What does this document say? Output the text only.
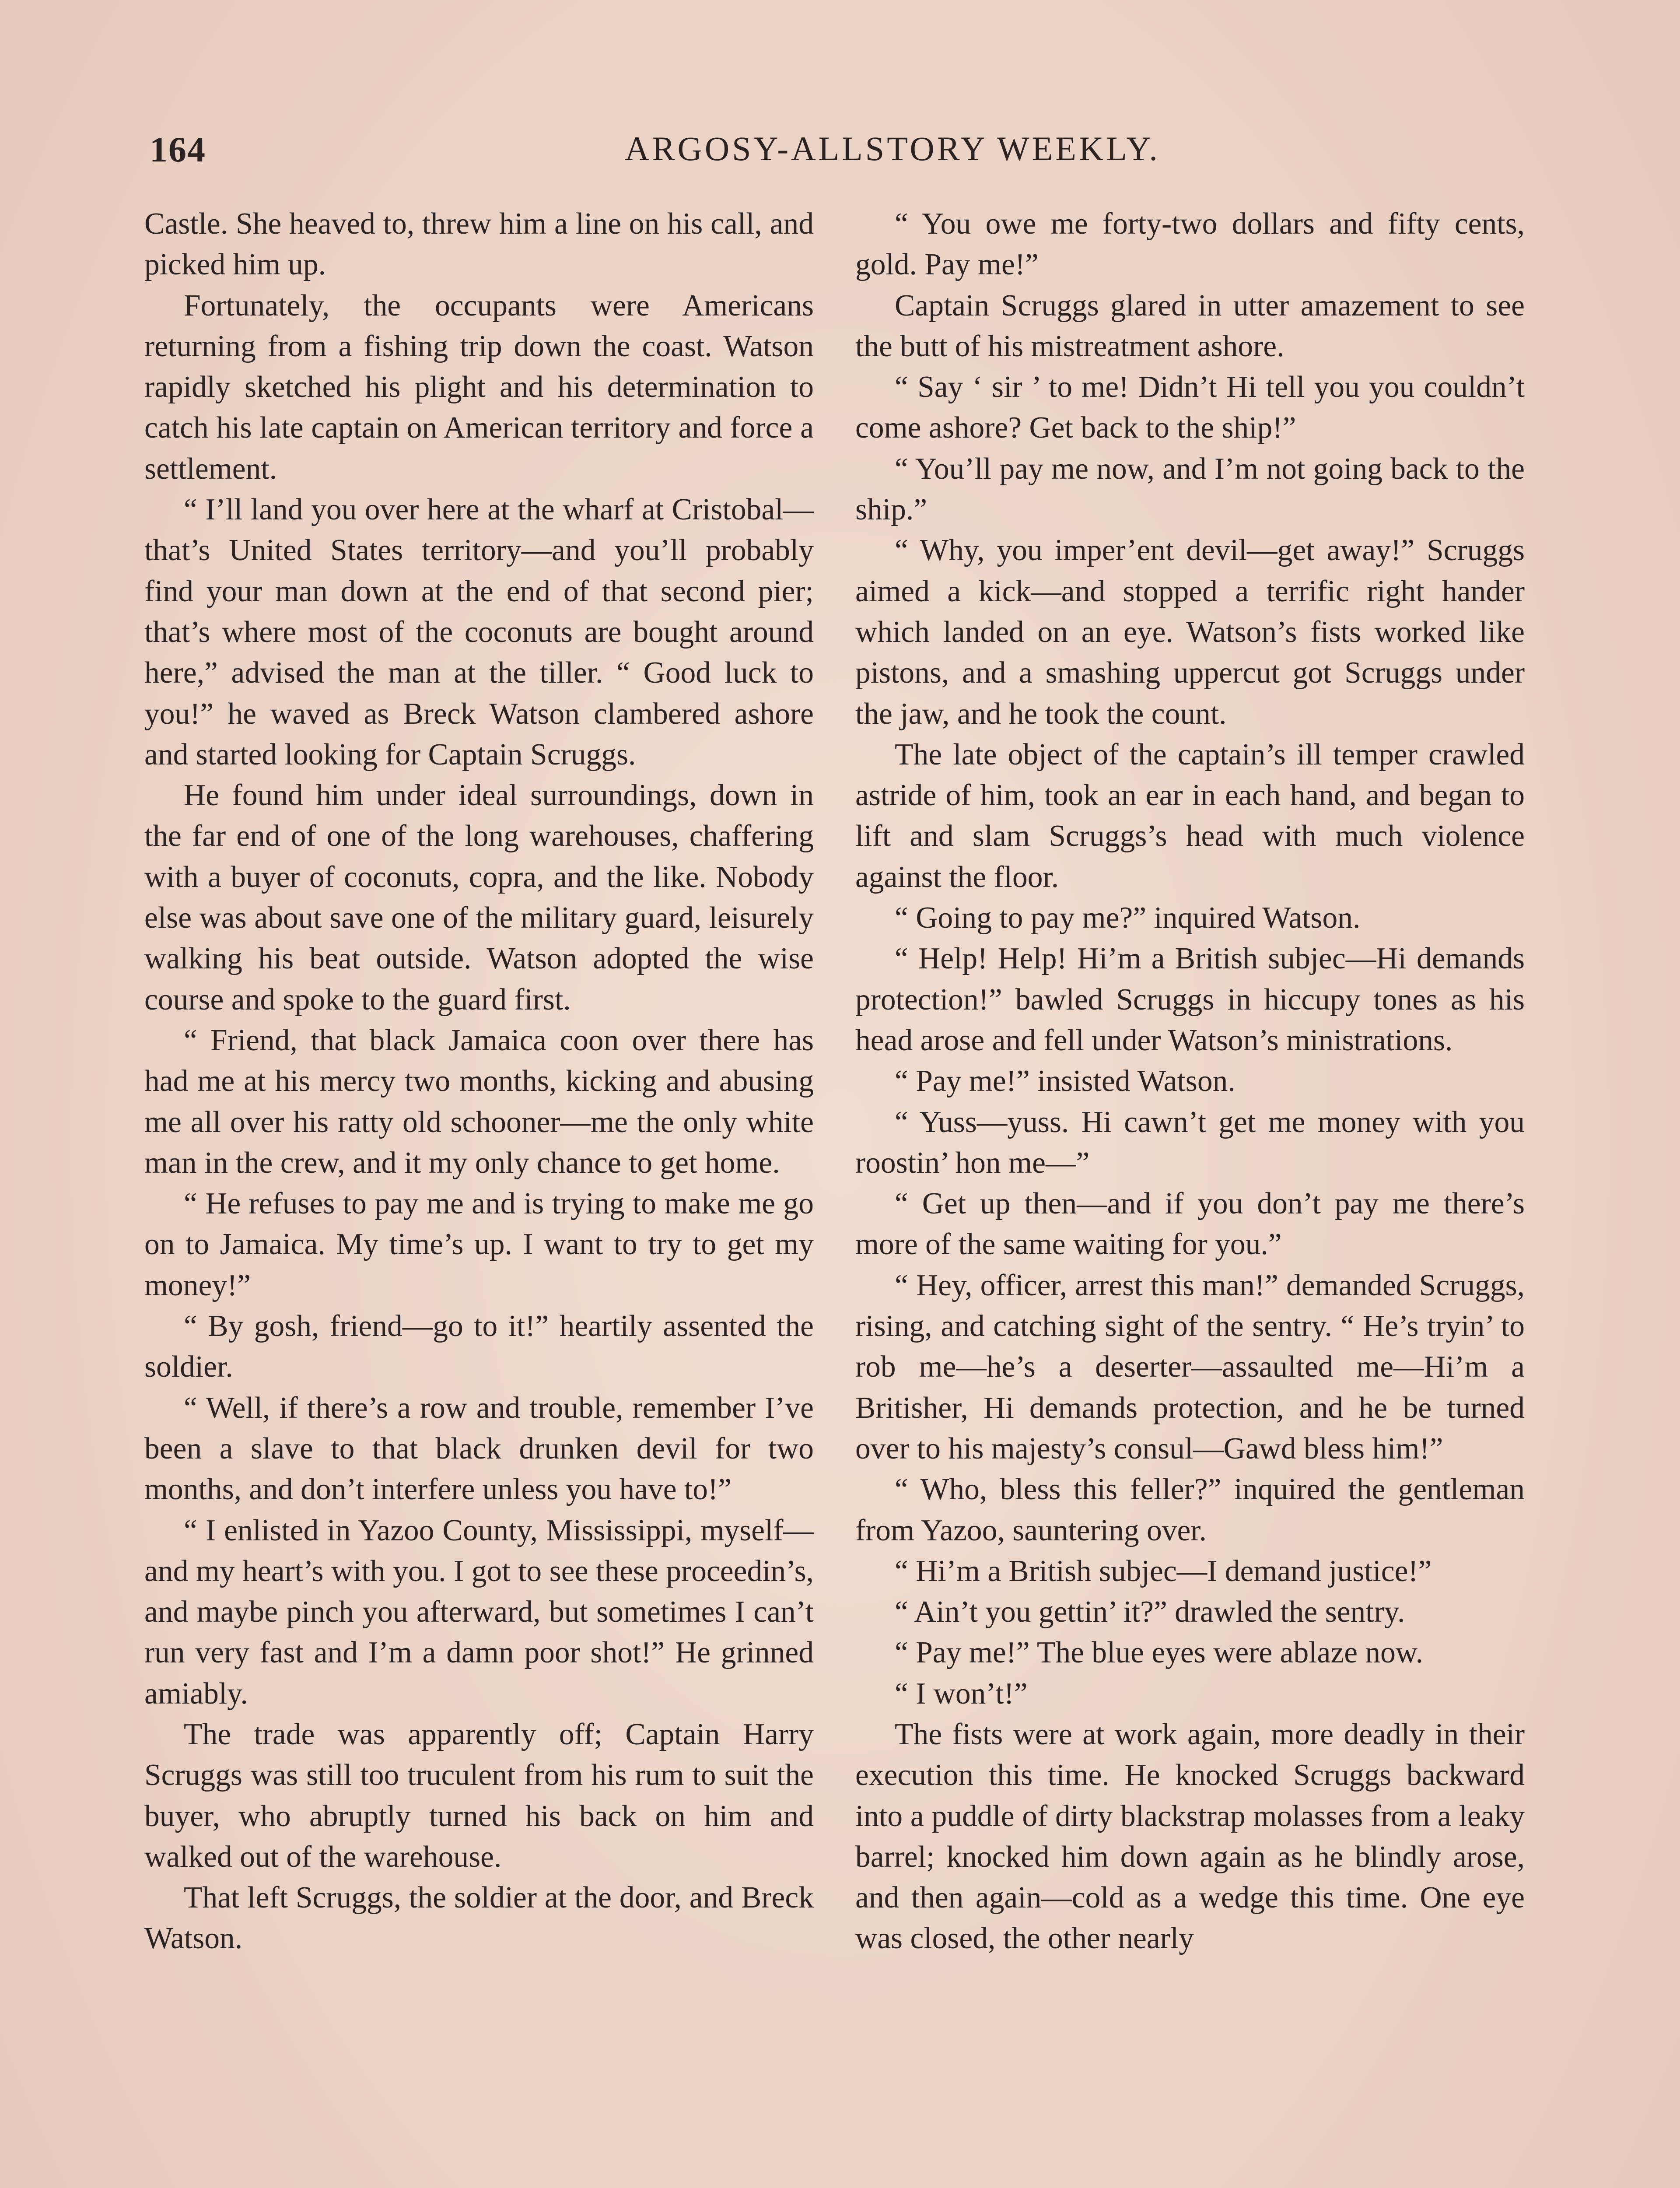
164	ARGOSY-ALLSTORY WEEKLY.

Castle. She heaved to, threw him a line on his call, and picked him up.

Fortunately, the occupants were Americans returning from a fishing trip down the coast. Watson rapidly sketched his plight and his determination to catch his late captain on American territory and force a settlement.

“ I’ll land you over here at the wharf at Cristobal—that’s United States territory—and you’ll probably find your man down at the end of that second pier; that’s where most of the coconuts are bought around here,” advised the man at the tiller. “ Good luck to you!” he waved as Breck Watson clambered ashore and started looking for Captain Scruggs.

He found him under ideal surroundings, down in the far end of one of the long warehouses, chaffering with a buyer of coconuts, copra, and the like. Nobody else was about save one of the military guard, leisurely walking his beat outside. Watson adopted the wise course and spoke to the guard first.

“ Friend, that black Jamaica coon over there has had me at his mercy two months, kicking and abusing me all over his ratty old schooner—me the only white man in the crew, and it my only chance to get home.

“ He refuses to pay me and is trying to make me go on to Jamaica. My time’s up. I want to try to get my money!”

“ By gosh, friend—go to it!” heartily assented the soldier.

“ Well, if there’s a row and trouble, remember I’ve been a slave to that black drunken devil for two months, and don’t interfere unless you have to!”

“ I enlisted in Yazoo County, Mississippi, myself—and my heart’s with you. I got to see these proceedin’s, and maybe pinch you afterward, but sometimes I can’t run very fast and I’m a damn poor shot!” He grinned amiably.

The trade was apparently off; Captain Harry Scruggs was still too truculent from his rum to suit the buyer, who abruptly turned his back on him and walked out of the warehouse.

That left Scruggs, the soldier at the door, and Breck Watson.

“ You owe me forty-two dollars and fifty cents, gold. Pay me!”

Captain Scruggs glared in utter amazement to see the butt of his mistreatment ashore.

“ Say ‘ sir ’ to me! Didn’t Hi tell you you couldn’t come ashore? Get back to the ship!”

“ You’ll pay me now, and I’m not going back to the ship.”

“ Why, you imper’ent devil—get away!” Scruggs aimed a kick—and stopped a terrific right hander which landed on an eye. Watson’s fists worked like pistons, and a smashing uppercut got Scruggs under the jaw, and he took the count.

The late object of the captain’s ill temper crawled astride of him, took an ear in each hand, and began to lift and slam Scruggs’s head with much violence against the floor.

“ Going to pay me?” inquired Watson.

“ Help! Help! Hi’m a British subjec—Hi demands protection!” bawled Scruggs in hiccupy tones as his head arose and fell under Watson’s ministrations.

“ Pay me!” insisted Watson.

“ Yuss—yuss. Hi cawn’t get me money with you roostin’ hon me—”

“ Get up then—and if you don’t pay me there’s more of the same waiting for you.”

“ Hey, officer, arrest this man!” demanded Scruggs, rising, and catching sight of the sentry. “ He’s tryin’ to rob me—he’s a deserter—assaulted me—Hi’m a Britisher, Hi demands protection, and he be turned over to his majesty’s consul—Gawd bless him!”

“ Who, bless this feller?” inquired the gentleman from Yazoo, sauntering over.

“ Hi’m a British subjec—I demand justice!”

“ Ain’t you gettin’ it?” drawled the sentry.

“ Pay me!” The blue eyes were ablaze now.

“ I won’t!”

The fists were at work again, more deadly in their execution this time. He knocked Scruggs backward into a puddle of dirty blackstrap molasses from a leaky barrel; knocked him down again as he blindly arose, and then again—cold as a wedge this time. One eye was closed, the other nearly
